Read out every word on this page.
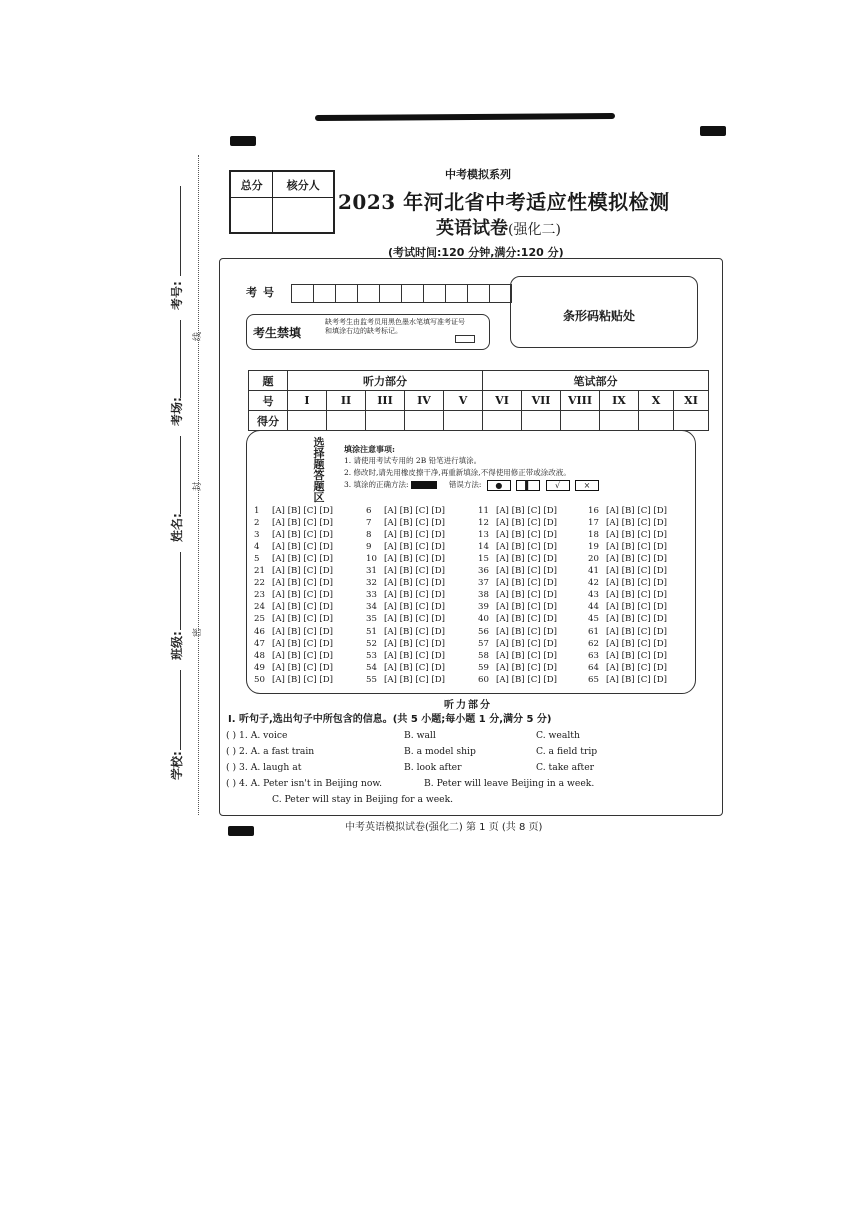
考号:
考场:
姓名:
班级:
学校:
线
封
密
总分	核分人

中考模拟系列
2023 年河北省中考适应性模拟检测
英语试卷(强化二)
(考试时间:120 分钟,满分:120 分)
考号
条形码粘贴处
考生禁填
缺考考生由监考员用黑色墨水笔填写准考证号和填涂右边的缺考标记。
题	听力部分					笔试部分					
号	I	II	III	IV	V	VI	VII	VIII	IX	X	XI
得分											
选
择
题
答
题
区
填涂注意事项:
1. 请使用考试专用的 2B 铅笔进行填涂。
2. 修改时,请先用橡皮擦干净,再重新填涂,不得使用修正带或涂改液。
3. 填涂的正确方法:	错误方法: ●	▌	√	×
1	[A] [B] [C] [D]
2	[A] [B] [C] [D]
3	[A] [B] [C] [D]
4	[A] [B] [C] [D]
5	[A] [B] [C] [D]
6	[A] [B] [C] [D]
7	[A] [B] [C] [D]
8	[A] [B] [C] [D]
9	[A] [B] [C] [D]
10 [A] [B] [C] [D]
11 [A] [B] [C] [D]
12 [A] [B] [C] [D]
13 [A] [B] [C] [D]
14 [A] [B] [C] [D]
15 [A] [B] [C] [D]
16 [A] [B] [C] [D]
17 [A] [B] [C] [D]
18 [A] [B] [C] [D]
19 [A] [B] [C] [D]
20 [A] [B] [C] [D]
21 [A] [B] [C] [D]
22 [A] [B] [C] [D]
23 [A] [B] [C] [D]
24 [A] [B] [C] [D]
25 [A] [B] [C] [D]
31 [A] [B] [C] [D]
32 [A] [B] [C] [D]
33 [A] [B] [C] [D]
34 [A] [B] [C] [D]
35 [A] [B] [C] [D]
36 [A] [B] [C] [D]
37 [A] [B] [C] [D]
38 [A] [B] [C] [D]
39 [A] [B] [C] [D]
40 [A] [B] [C] [D]
41 [A] [B] [C] [D]
42 [A] [B] [C] [D]
43 [A] [B] [C] [D]
44 [A] [B] [C] [D]
45 [A] [B] [C] [D]
46 [A] [B] [C] [D]
47 [A] [B] [C] [D]
48 [A] [B] [C] [D]
49 [A] [B] [C] [D]
50 [A] [B] [C] [D]
51 [A] [B] [C] [D]
52 [A] [B] [C] [D]
53 [A] [B] [C] [D]
54 [A] [B] [C] [D]
55 [A] [B] [C] [D]
56 [A] [B] [C] [D]
57 [A] [B] [C] [D]
58 [A] [B] [C] [D]
59 [A] [B] [C] [D]
60 [A] [B] [C] [D]
61 [A] [B] [C] [D]
62 [A] [B] [C] [D]
63 [A] [B] [C] [D]
64 [A] [B] [C] [D]
65 [A] [B] [C] [D]
听力部分
I. 听句子,选出句子中所包含的信息。(共 5 小题;每小题 1 分,满分 5 分)
( ) 1. A. voice	B. wall	C. wealth
( ) 2. A. a fast train	B. a model ship	C. a field trip
( ) 3. A. laugh at	B. look after	C. take after
( ) 4. A. Peter isn't in Beijing now.	B. Peter will leave Beijing in a week.
C. Peter will stay in Beijing for a week.
中考英语模拟试卷(强化二) 第 1 页 (共 8 页)
